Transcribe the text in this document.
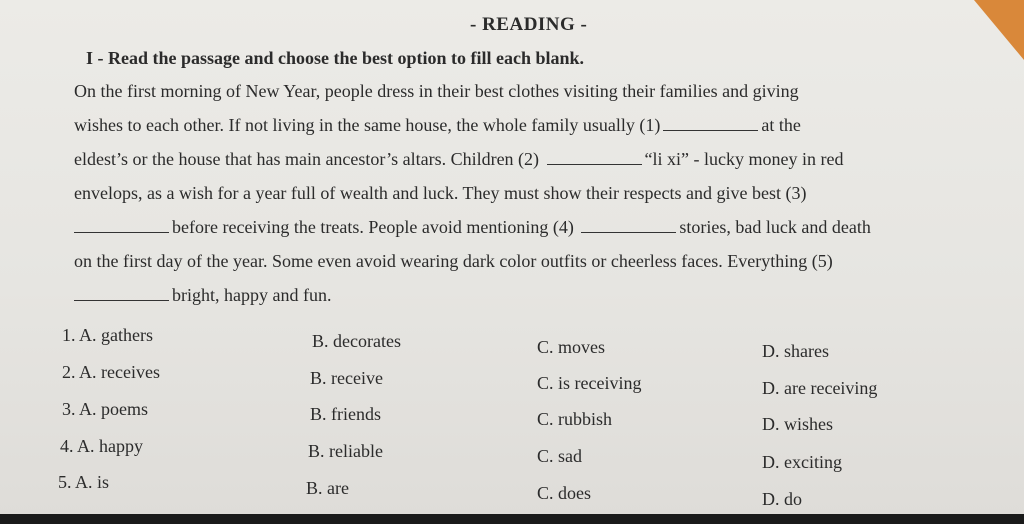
- READING -
I - Read the passage and choose the best option to fill each blank.
On the first morning of New Year, people dress in their best clothes visiting their families and giving
wishes to each other. If not living in the same house, the whole family usually (1)	at the
eldest’s or the house that has main ancestor’s altars. Children (2)	“li xi” - lucky money in red
envelops, as a wish for a year full of wealth and luck. They must show their respects and give best (3)
before receiving the treats. People avoid mentioning (4)	stories, bad luck and death
on the first day of the year. Some even avoid wearing dark color outfits or cheerless faces. Everything (5)
bright, happy and fun.
1. A. gathers	B. decorates	C. moves	D. shares
2. A. receives	B. receive	C. is receiving	D. are receiving
3. A. poems	B. friends	C. rubbish	D. wishes
4. A. happy	B. reliable	C. sad	D. exciting
5. A. is	B. are	C. does	D. do
